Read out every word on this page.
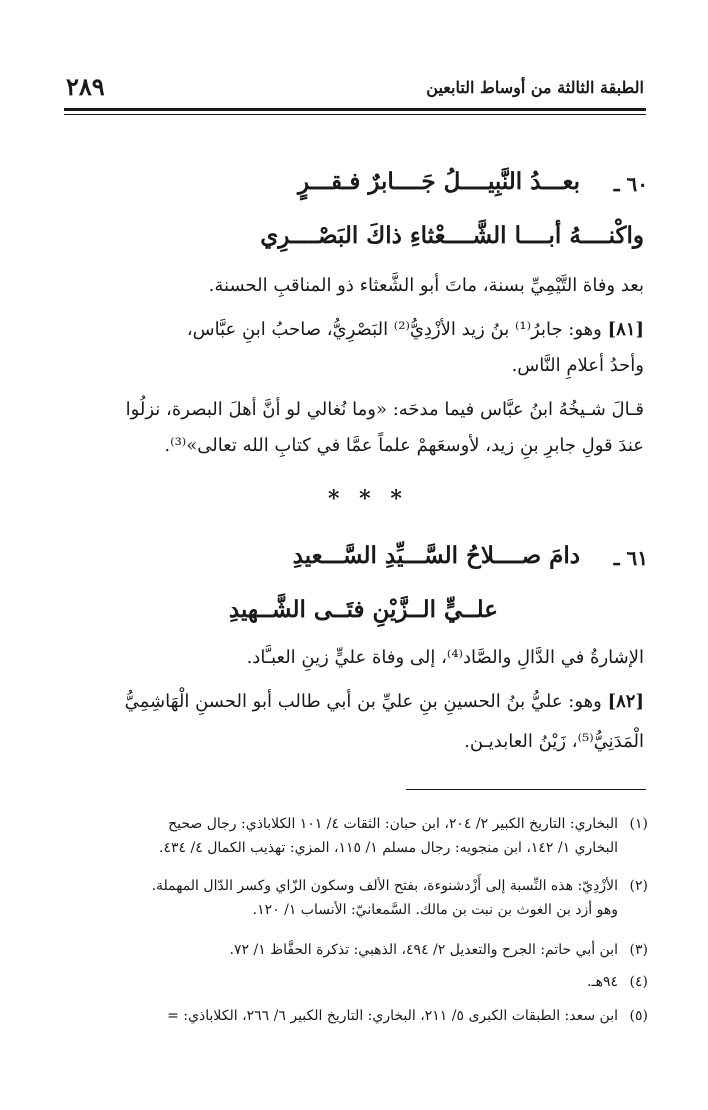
٢٨٩	الطبقة الثالثة من أوساط التابعين
٦٠ ـ
بعـــدُ النَّبِيــــلُ جَــــابرٌ فـقـــرٍ
واكْنــــهُ أبــــا الشَّــــعْثاءِ ذاكَ البَصْــــرِي
بعد وفاة التَّيْمِيِّ بسنة، ماتَ أبو الشَّعثاء ذو المناقبِ الحسنة.
[٨١] وهو: جابرُ⁽¹⁾ بنُ زيد الأزْدِيُّ⁽²⁾ البَصْرِيُّ، صاحبُ ابنِ عبَّاس،
وأحدُ أعلامِ النَّاس.
قـالَ شـيخُهُ ابنُ عبَّاس فيما مدحَه: «وما نُغالي لو أنَّ أهلَ البصرة، نزلُوا
عندَ قولِ جابرِ بنِ زيد، لأوسعَهمْ علماً عمَّا في كتابِ الله تعالى»⁽³⁾.
* * *
٦١ ـ
دامَ صــــلاحُ السَّـــيِّدِ السَّـــعيدِ
علــيٍّ الــزَّيْنِ فتَــى الشَّــهيدِ
الإشارةُ في الدَّالِ والصَّاد⁽⁴⁾، إلى وفاة عليٍّ زينِ العبـَّاد.
[٨٢] وهو: عليُّ بنُ الحسينِ بنِ عليِّ بن أبي طالب أبو الحسنِ الْهَاشِمِيُّ
الْمَدَنِيُّ⁽⁵⁾، زَيْنُ العابديـن.
(١)البخاري: التاريخ الكبير ٢/ ٢٠٤، ابن حبان: الثقات ٤/ ١٠١ الكلاباذي: رجال صحيح
البخاري ١/ ١٤٢، ابن منجويه: رجال مسلم ١/ ١١٥، المزي: تهذيب الكمال ٤/ ٤٣٤.
(٢)الأزْدِيّ: هذه النِّسبة إلى أَزْدشنوءة، بفتح الألف وسكون الزّاي وكسر الدّال المهملة.
وهو أزد بن الغوث بن نبت بن مالك. السَّمعانيّ: الأنساب ١/ ١٢٠.
(٣)ابن أبي حاتم: الجرح والتعديل ٢/ ٤٩٤، الذهبي: تذكرة الحفَّاظ ١/ ٧٢.
(٤)٩٤هـ.
(٥)ابن سعد: الطبقات الكبرى ٥/ ٢١١، البخاري: التاريخ الكبير ٦/ ٢٦٦، الكلاباذي: =
